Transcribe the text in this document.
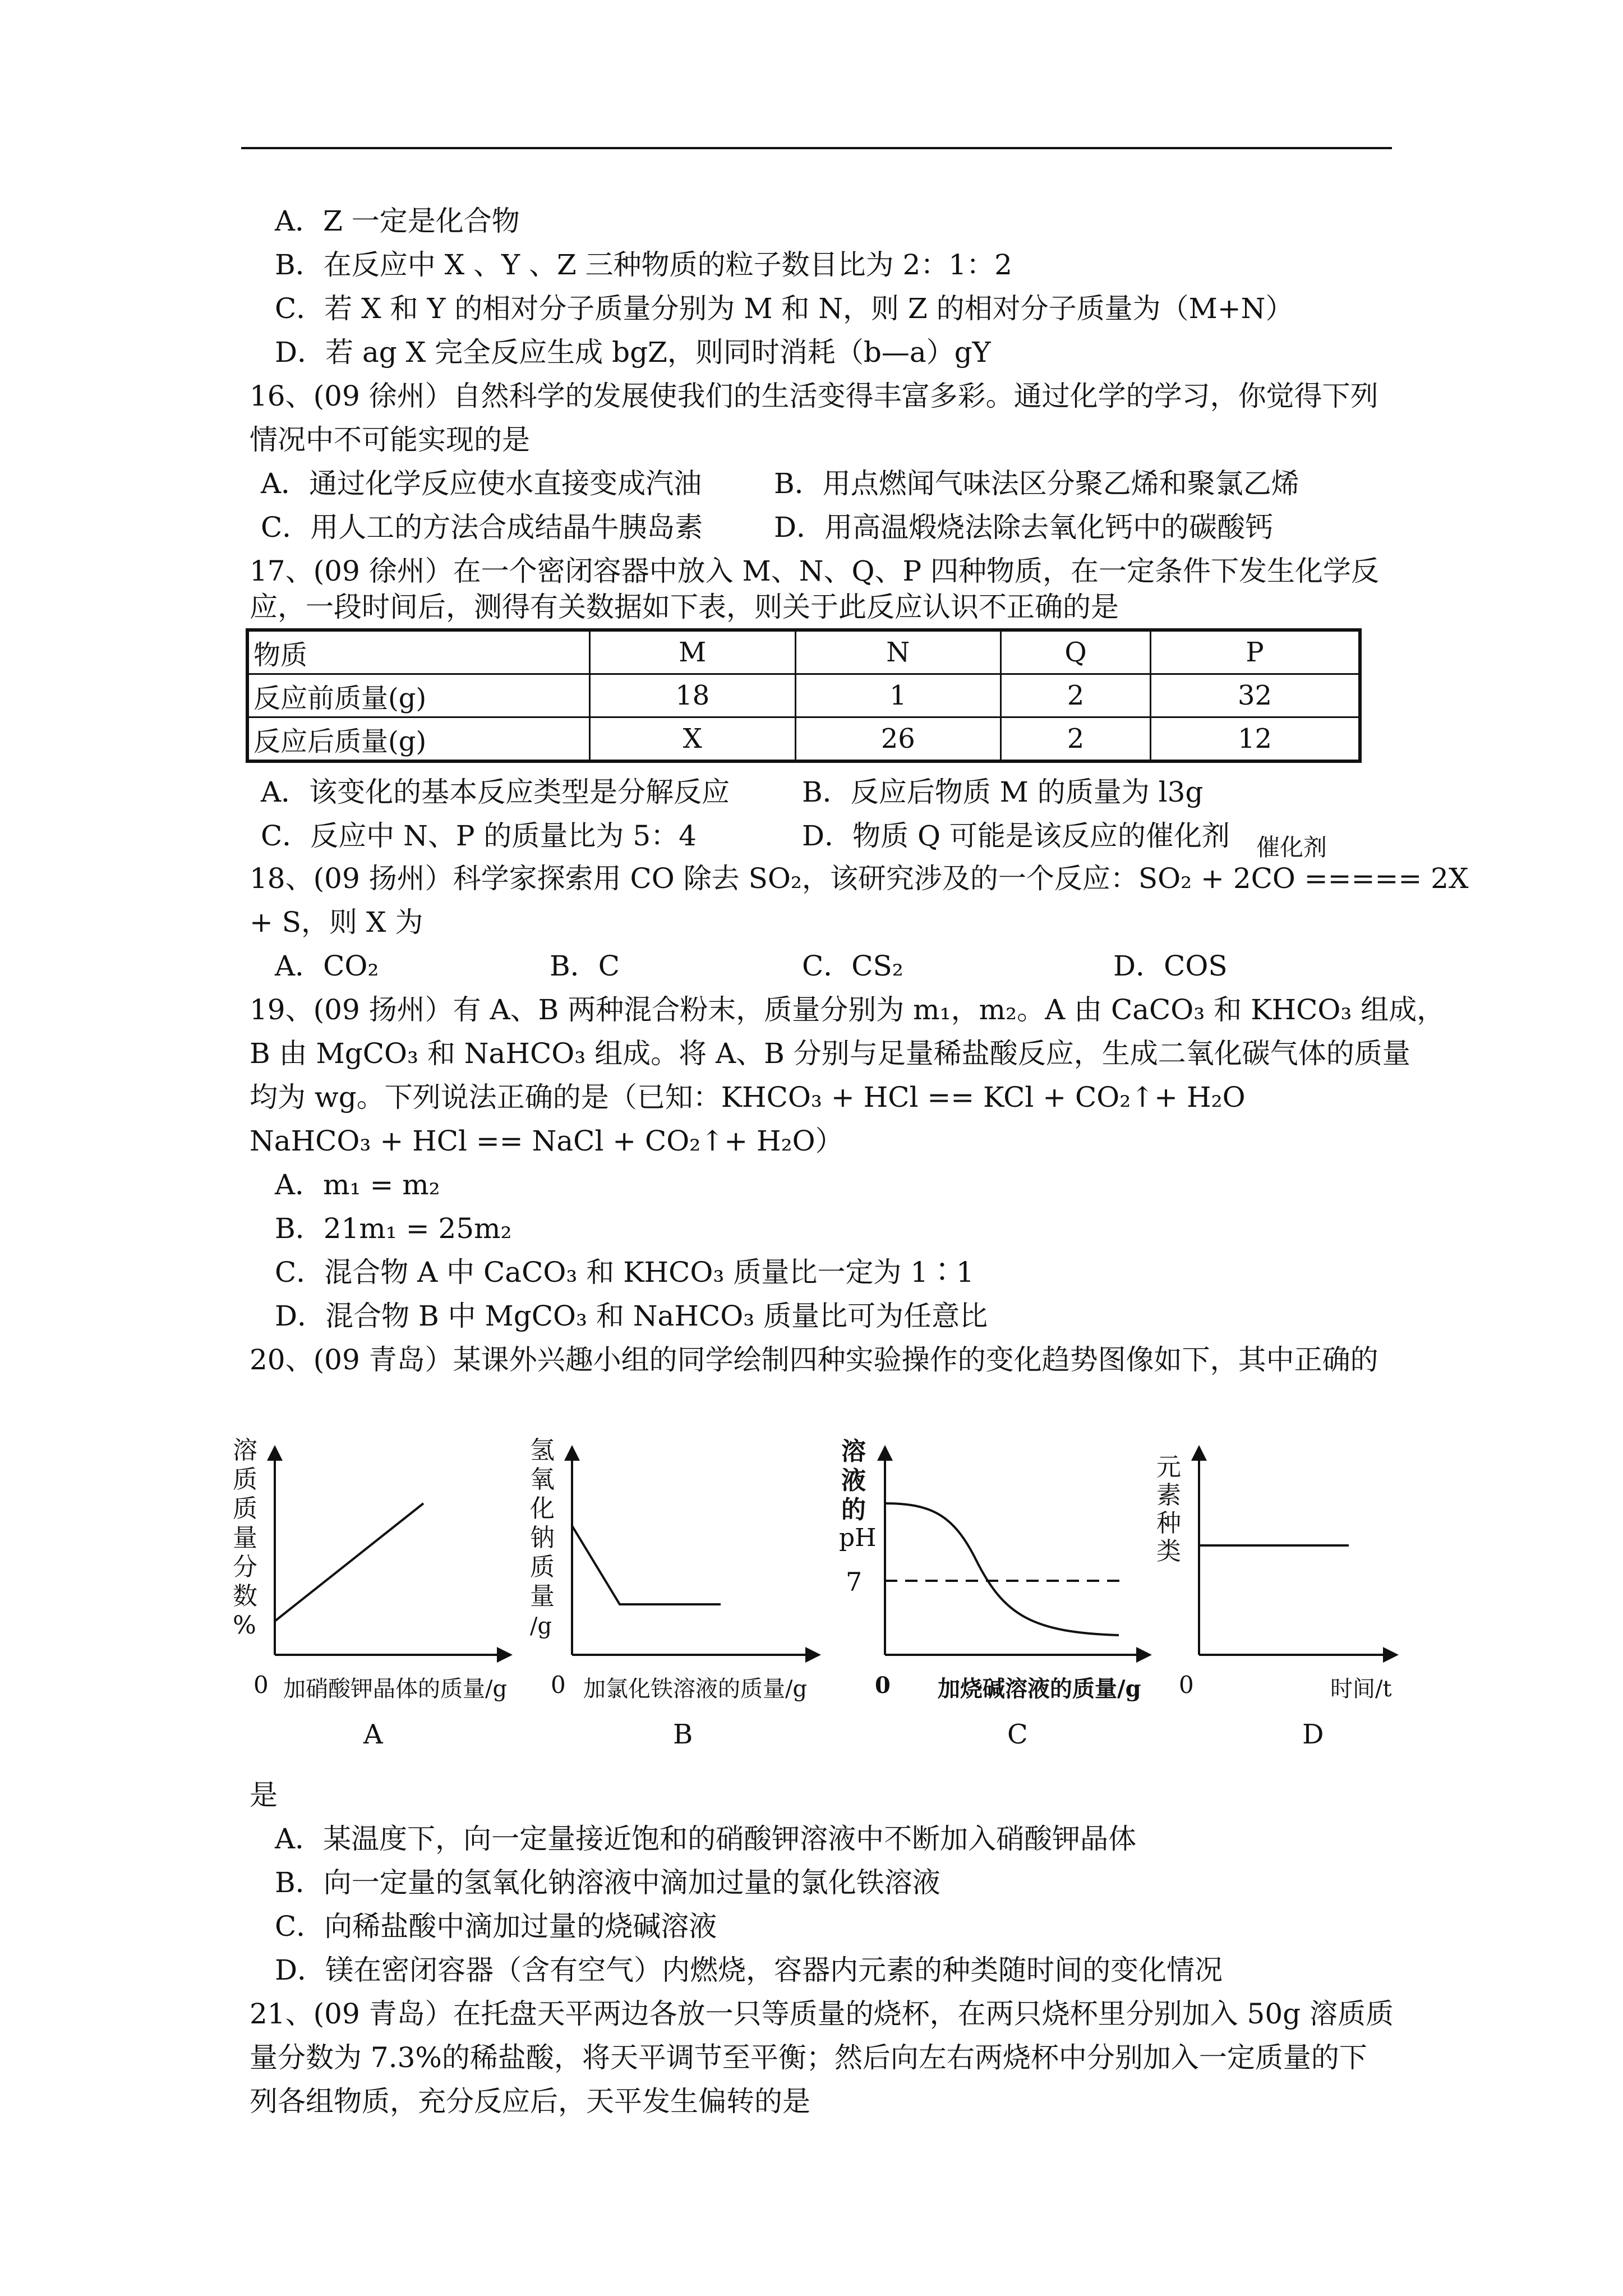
A．Z 一定是化合物
B．在反应中 X 、Y 、Z 三种物质的粒子数目比为 2：1：2
C．若 X 和 Y 的相对分子质量分别为 M 和 N，则 Z 的相对分子质量为（M+N）
D．若 ag X 完全反应生成 bgZ，则同时消耗（b—a）gY
16、(09 徐州）自然科学的发展使我们的生活变得丰富多彩。通过化学的学习，你觉得下列
情况中不可能实现的是
A．通过化学反应使水直接变成汽油	B．用点燃闻气味法区分聚乙烯和聚氯乙烯
C．用人工的方法合成结晶牛胰岛素	D．用高温煅烧法除去氧化钙中的碳酸钙
17、(09 徐州）在一个密闭容器中放入 M、N、Q、P 四种物质，在一定条件下发生化学反
应，一段时间后，测得有关数据如下表，则关于此反应认识不正确的是
物质	M	N	Q	P
反应前质量(g)	18	1	2	32
反应后质量(g)	X	26	2	12
A．该变化的基本反应类型是分解反应	B．反应后物质 M 的质量为 l3g
C．反应中 N、P 的质量比为 5：4	D．物质 Q 可能是该反应的催化剂 催化剂
18、(09 扬州）科学家探索用 CO 除去 SO₂，该研究涉及的一个反应：SO₂ + 2CO ===== 2X
+ S，则 X 为
A．CO₂	B．C	C．CS₂	D．COS
19、(09 扬州）有 A、B 两种混合粉末，质量分别为 m₁，m₂。A 由 CaCO₃ 和 KHCO₃ 组成，
B 由 MgCO₃ 和 NaHCO₃ 组成。将 A、B 分别与足量稀盐酸反应，生成二氧化碳气体的质量
均为 wg。下列说法正确的是（已知：KHCO₃ + HCl == KCl + CO₂↑+ H₂O
NaHCO₃ + HCl == NaCl + CO₂↑+ H₂O）
A．m₁ = m₂
B．21m₁ = 25m₂
C．混合物 A 中 CaCO₃ 和 KHCO₃ 质量比一定为 1∶1
D．混合物 B 中 MgCO₃ 和 NaHCO₃ 质量比可为任意比
20、(09 青岛）某课外兴趣小组的同学绘制四种实验操作的变化趋势图像如下，其中正确的
溶
质
质
量
分
数
%
0 加硝酸钾晶体的质量/g
A
氢
氧
化
钠
质
量
/g
0 加氯化铁溶液的质量/g
B
溶
液
的
pH
7
0 加烧碱溶液的质量/g
C
元
素
种
类
0	时间/t
D
是
A．某温度下，向一定量接近饱和的硝酸钾溶液中不断加入硝酸钾晶体
B．向一定量的氢氧化钠溶液中滴加过量的氯化铁溶液
C．向稀盐酸中滴加过量的烧碱溶液
D．镁在密闭容器（含有空气）内燃烧，容器内元素的种类随时间的变化情况
21、(09 青岛）在托盘天平两边各放一只等质量的烧杯，在两只烧杯里分别加入 50g 溶质质
量分数为 7.3%的稀盐酸，将天平调节至平衡；然后向左右两烧杯中分别加入一定质量的下
列各组物质，充分反应后，天平发生偏转的是
